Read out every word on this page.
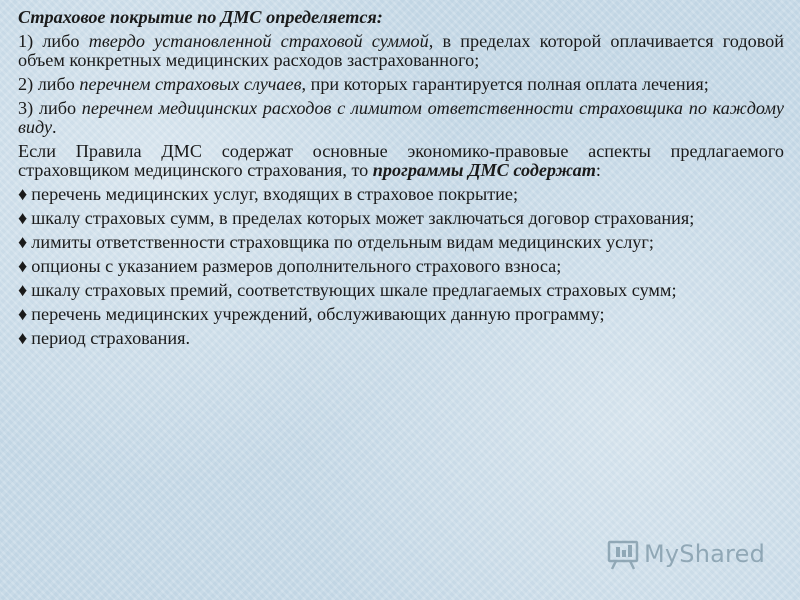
Страховое покрытие по ДМС определяется:

1) либо твердо установленной страховой суммой, в пределах которой оплачивается годовой объем конкретных медицинских расходов застрахованного;

2) либо перечнем страховых случаев, при которых гарантируется полная оплата лечения;

3) либо перечнем медицинских расходов с лимитом ответственности страховщика по каждому виду.

Если Правила ДМС содержат основные экономико-правовые аспекты предлагаемого страховщиком медицинского страхования, то программы ДМС содержат:

♦ перечень медицинских услуг, входящих в страховое покрытие;

♦ шкалу страховых сумм, в пределах которых может заключаться договор страхования;

♦ лимиты ответственности страховщика по отдельным видам медицинских услуг;

♦ опционы с указанием размеров дополнительного страхового взноса;

♦ шкалу страховых премий, соответствующих шкале предлагаемых страховых сумм;

♦ перечень медицинских учреждений, обслуживающих данную программу;

♦ период страхования.

MyShared
